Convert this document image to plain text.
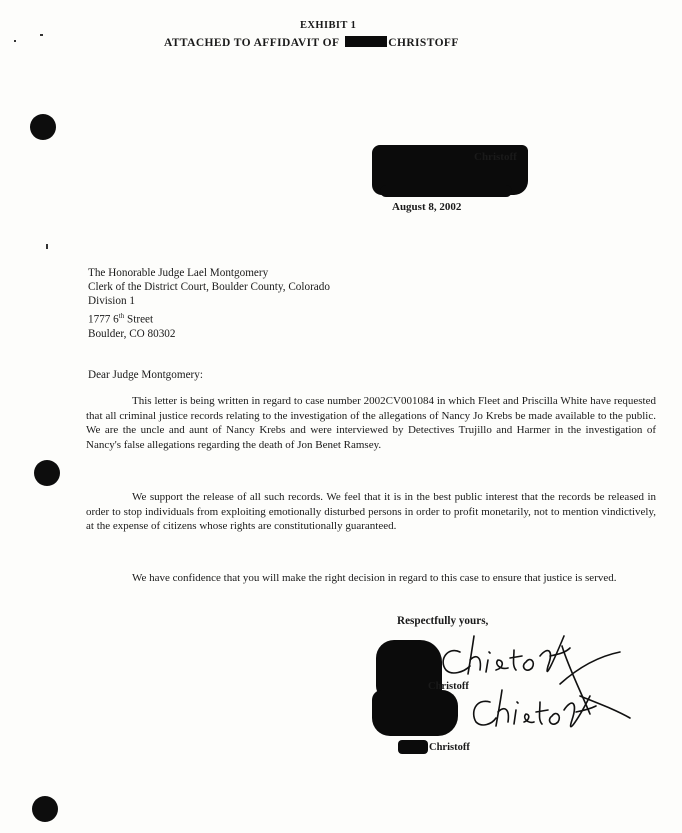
EXHIBIT 1
ATTACHED TO AFFIDAVIT OF	CHRISTOFF
Christoff
August 8, 2002
The Honorable Judge Lael Montgomery
Clerk of the District Court, Boulder County, Colorado
Division 1
1777 6th Street
Boulder, CO 80302
Dear Judge Montgomery:
This letter is being written in regard to case number 2002CV001084 in which Fleet and Priscilla White have requested that all criminal justice records relating to the investigation of the allegations of Nancy Jo Krebs be made available to the public. We are the uncle and aunt of Nancy Krebs and were interviewed by Detectives Trujillo and Harmer in the investigation of Nancy's false allegations regarding the death of Jon Benet Ramsey.
We support the release of all such records. We feel that it is in the best public interest that the records be released in order to stop individuals from exploiting emotionally disturbed persons in order to profit monetarily, not to mention vindictively, at the expense of citizens whose rights are constitutionally guaranteed.
We have confidence that you will make the right decision in regard to this case to ensure that justice is served.
Respectfully yours,
Christoff
Christoff
